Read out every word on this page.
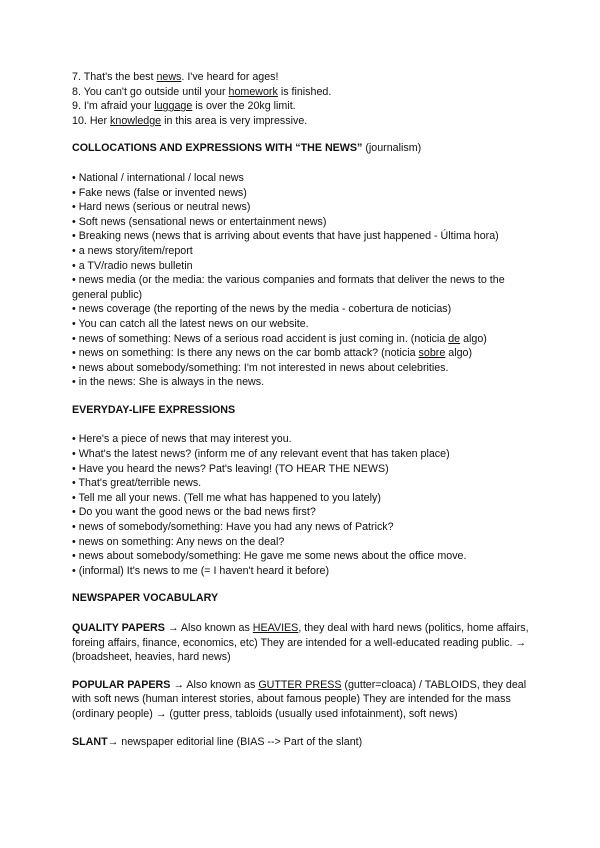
7. That's the best news. I've heard for ages!

8. You can't go outside until your homework is finished.

9. I'm afraid your luggage is over the 20kg limit.

10. Her knowledge in this area is very impressive.

COLLOCATIONS AND EXPRESSIONS WITH “THE NEWS” (journalism)

• National / international / local news

• Fake news (false or invented news)

• Hard news (serious or neutral news)

• Soft news (sensational news or entertainment news)

• Breaking news (news that is arriving about events that have just happened - Última hora)

• a news story/item/report

• a TV/radio news bulletin

• news media (or the media: the various companies and formats that deliver the news to the general public)

• news coverage (the reporting of the news by the media - cobertura de noticias)

• You can catch all the latest news on our website.

• news of something: News of a serious road accident is just coming in. (noticia de algo)

• news on something: Is there any news on the car bomb attack? (noticia sobre algo)

• news about somebody/something: I'm not interested in news about celebrities.

• in the news: She is always in the news.

EVERYDAY-LIFE EXPRESSIONS

• Here's a piece of news that may interest you.

• What's the latest news? (inform me of any relevant event that has taken place)

• Have you heard the news? Pat's leaving! (TO HEAR THE NEWS)

• That's great/terrible news.

• Tell me all your news. (Tell me what has happened to you lately)

• Do you want the good news or the bad news first?

• news of somebody/something: Have you had any news of Patrick?

• news on something: Any news on the deal?

• news about somebody/something: He gave me some news about the office move.

• (informal) It's news to me (= I haven't heard it before)

NEWSPAPER VOCABULARY

QUALITY PAPERS → Also known as HEAVIES, they deal with hard news (politics, home affairs, foreing affairs, finance, economics, etc) They are intended for a well-educated reading public. → (broadsheet, heavies, hard news)

POPULAR PAPERS → Also known as GUTTER PRESS (gutter=cloaca) / TABLOIDS, they deal with soft news (human interest stories, about famous people) They are intended for the mass (ordinary people) → (gutter press, tabloids (usually used infotainment), soft news)

SLANT→ newspaper editorial line (BIAS --> Part of the slant)
